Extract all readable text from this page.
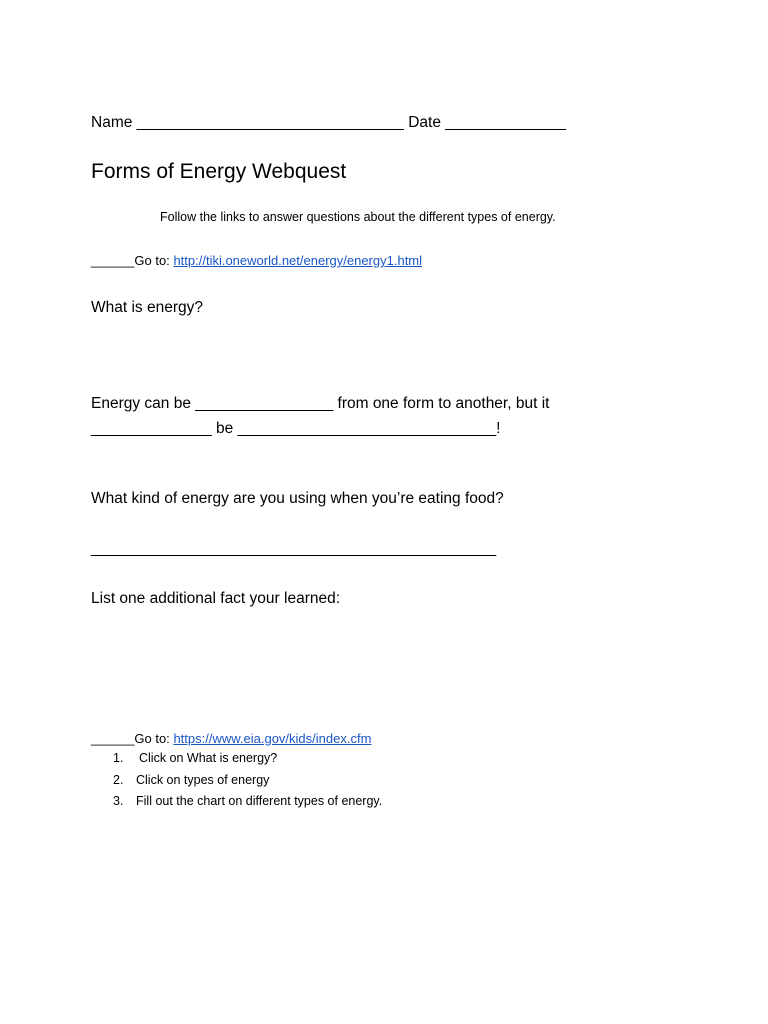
Name _______________________________ Date ______________
Forms of Energy Webquest
Follow the links to answer questions about the different types of energy.
______Go to: http://tiki.oneworld.net/energy/energy1.html
What is energy?
Energy can be ________________ from one form to another, but it
______________ be ______________________________!
What kind of energy are you using when you’re eating food?
_______________________________________________
List one additional fact your learned:
______Go to: https://www.eia.gov/kids/index.cfm
1. Click on What is energy?
2. Click on types of energy
3. Fill out the chart on different types of energy.
